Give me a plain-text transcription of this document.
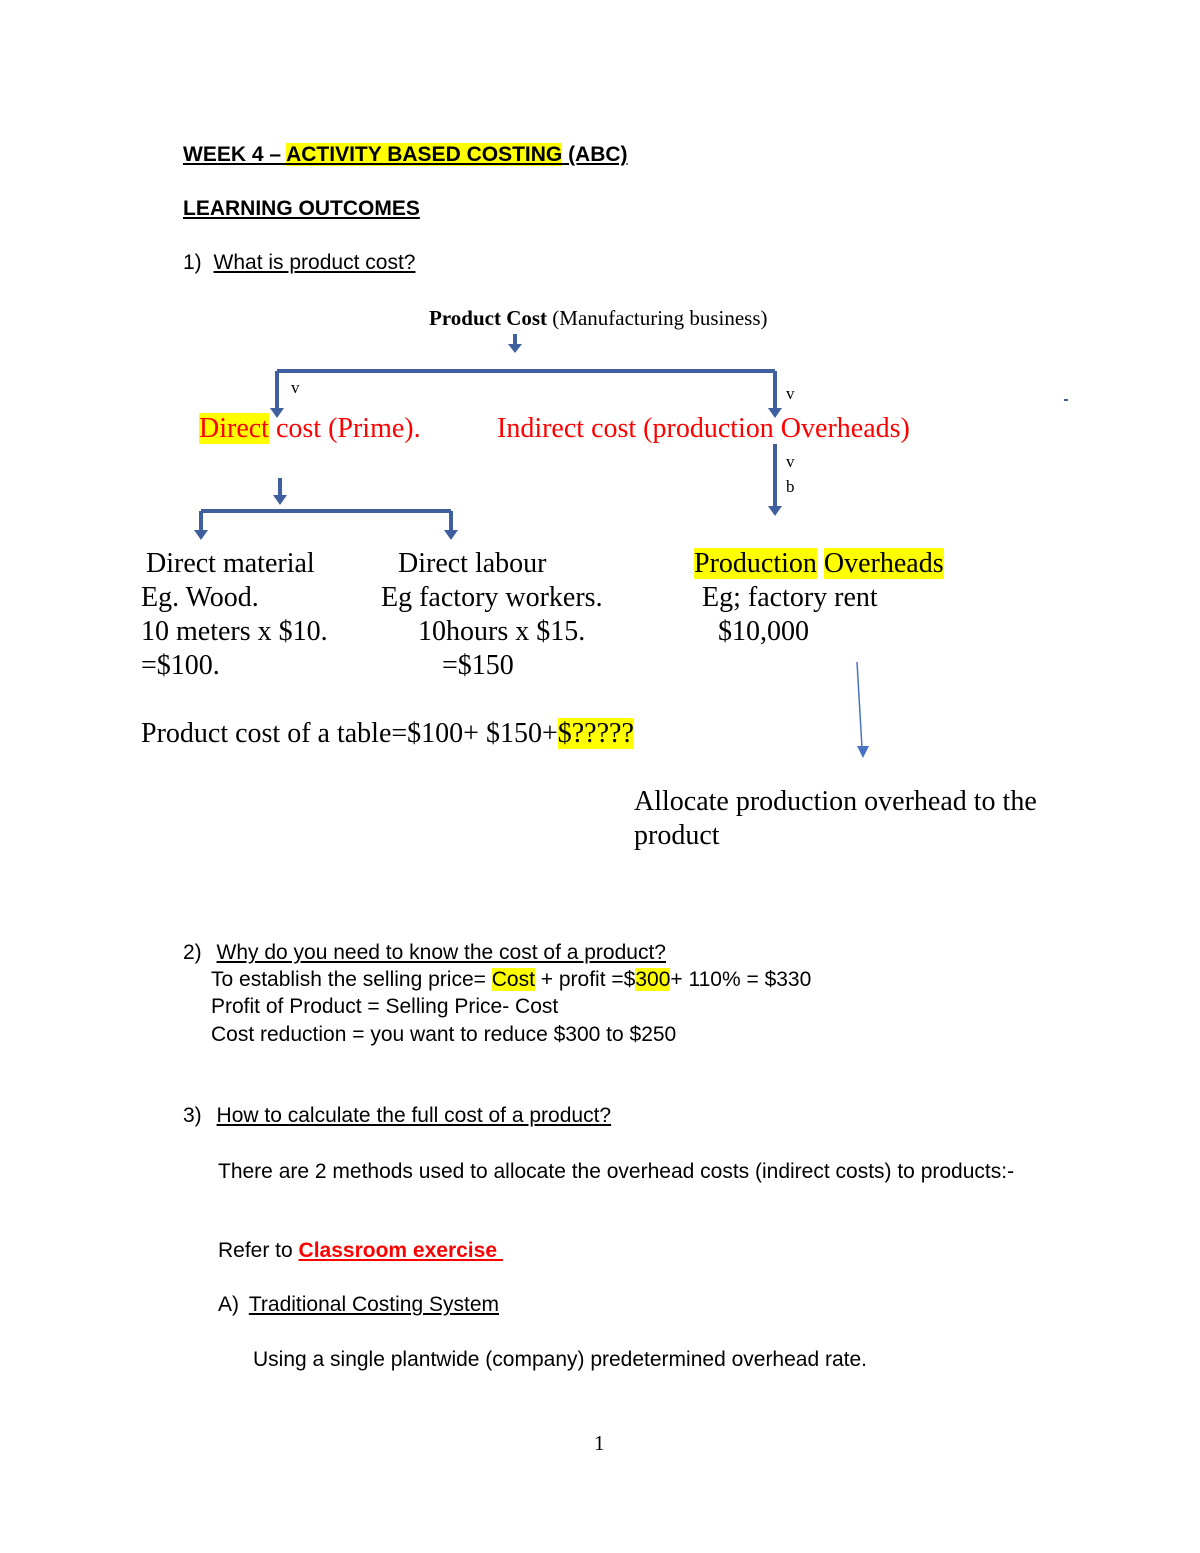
WEEK 4 – ACTIVITY BASED COSTING (ABC)
LEARNING OUTCOMES
1) What is product cost?
Product Cost (Manufacturing business)
v	v
v
b
Direct cost (Prime).	Indirect cost (production Overheads)
Direct material
Eg. Wood.
10 meters x $10.
=$100.
Direct labour
Eg factory workers.
10hours x $15.
=$150
Production Overheads
Eg; factory rent
$10,000
Product cost of a table=$100+ $150+$?????
Allocate production overhead to the
product
2) Why do you need to know the cost of a product?
To establish the selling price= Cost + profit =$300+ 110% = $330
Profit of Product = Selling Price- Cost
Cost reduction = you want to reduce $300 to $250
3) How to calculate the full cost of a product?
There are 2 methods used to allocate the overhead costs (indirect costs) to products:-
Refer to Classroom exercise
A) Traditional Costing System
Using a single plantwide (company) predetermined overhead rate.
1
